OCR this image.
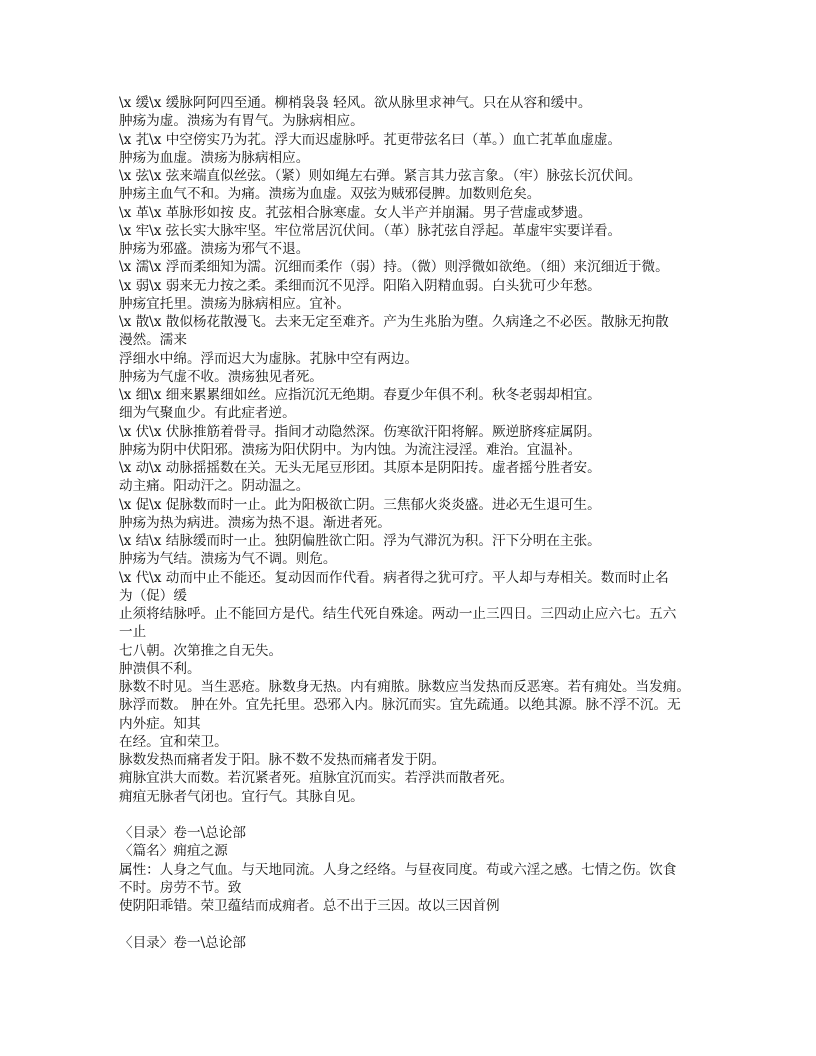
\x 缓\x 缓脉阿阿四至通。柳梢袅袅 轻风。欲从脉里求神气。只在从容和缓中。
肿疡为虚。溃疡为有胃气。为脉病相应。
\x 芤\x 中空傍实乃为芤。浮大而迟虚脉呼。芤更带弦名曰（革。）血亡芤革血虚虚。
肿疡为血虚。溃疡为脉病相应。
\x 弦\x 弦来端直似丝弦。（紧）则如绳左右弹。紧言其力弦言象。（牢）脉弦长沉伏间。
肿疡主血气不和。为痛。溃疡为血虚。双弦为贼邪侵脾。加数则危矣。
\x 革\x 革脉形如按 皮。芤弦相合脉寒虚。女人半产并崩漏。男子营虚或梦遗。
\x 牢\x 弦长实大脉牢坚。牢位常居沉伏间。（革）脉芤弦自浮起。革虚牢实要详看。
肿疡为邪盛。溃疡为邪气不退。
\x 濡\x 浮而柔细知为濡。沉细而柔作（弱）持。（微）则浮微如欲绝。（细）来沉细近于微。
\x 弱\x 弱来无力按之柔。柔细而沉不见浮。阳陷入阴精血弱。白头犹可少年愁。
肿疡宜托里。溃疡为脉病相应。宜补。
\x 散\x 散似杨花散漫飞。去来无定至难齐。产为生兆胎为堕。久病逢之不必医。散脉无拘散
漫然。濡来
浮细水中绵。浮而迟大为虚脉。芤脉中空有两边。
肿疡为气虚不收。溃疡独见者死。
\x 细\x 细来累累细如丝。应指沉沉无绝期。春夏少年俱不利。秋冬老弱却相宜。
细为气聚血少。有此症者逆。
\x 伏\x 伏脉推筋着骨寻。指间才动隐然深。伤寒欲汗阳将解。厥逆脐疼症属阴。
肿疡为阴中伏阳邪。溃疡为阳伏阴中。为内蚀。为流注浸淫。难治。宜温补。
\x 动\x 动脉摇摇数在关。无头无尾豆形团。其原本是阴阳抟。虚者摇兮胜者安。
动主痛。阳动汗之。阴动温之。
\x 促\x 促脉数而时一止。此为阳极欲亡阴。三焦郁火炎炎盛。进必无生退可生。
肿疡为热为病进。溃疡为热不退。渐进者死。
\x 结\x 结脉缓而时一止。独阴偏胜欲亡阳。浮为气滞沉为积。汗下分明在主张。
肿疡为气结。溃疡为气不调。则危。
\x 代\x 动而中止不能还。复动因而作代看。病者得之犹可疗。平人却与寿相关。数而时止名
为（促）缓
止须将结脉呼。止不能回方是代。结生代死自殊途。两动一止三四日。三四动止应六七。五六
一止
七八朝。次第推之自无失。
肿溃俱不利。
脉数不时见。当生恶疮。脉数身无热。内有痈脓。脉数应当发热而反恶寒。若有痈处。当发痈。
脉浮而数。 肿在外。宜先托里。恐邪入内。脉沉而实。宜先疏通。以绝其源。脉不浮不沉。无
内外症。知其
在经。宜和荣卫。
脉数发热而痛者发于阳。脉不数不发热而痛者发于阴。
痈脉宜洪大而数。若沉紧者死。疽脉宜沉而实。若浮洪而散者死。
痈疽无脉者气闭也。宜行气。其脉自见。
〈目录〉卷一\总论部
〈篇名〉痈疽之源
属性：人身之气血。与天地同流。人身之经络。与昼夜同度。苟或六淫之感。七情之伤。饮食
不时。房劳不节。致
使阴阳乖错。荣卫蕴结而成痈者。总不出于三因。故以三因首例
〈目录〉卷一\总论部
